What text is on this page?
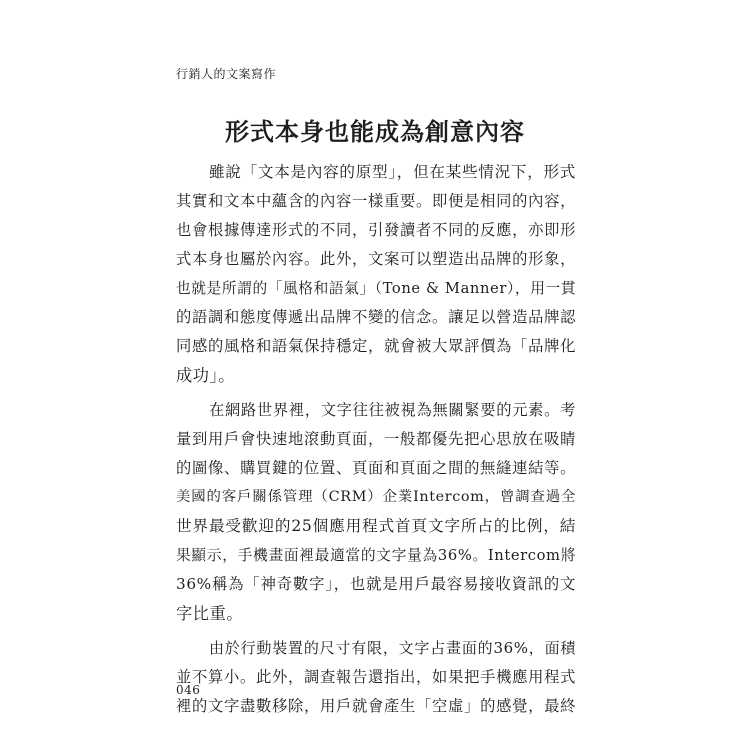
行銷人的文案寫作
形式本身也能成為創意內容
雖說「文本是內容的原型」，但在某些情況下，形式
其實和文本中蘊含的內容一樣重要。即便是相同的內容，
也會根據傳達形式的不同，引發讀者不同的反應，亦即形
式本身也屬於內容。此外，文案可以塑造出品牌的形象，
也就是所謂的「風格和語氣」（Tone & Manner），用一貫
的語調和態度傳遞出品牌不變的信念。讓足以營造品牌認
同感的風格和語氣保持穩定，就會被大眾評價為「品牌化
成功」。
在網路世界裡，文字往往被視為無關緊要的元素。考
量到用戶會快速地滾動頁面，一般都優先把心思放在吸睛
的圖像、購買鍵的位置、頁面和頁面之間的無縫連結等。
美國的客戶關係管理（CRM）企業Intercom，曾調查過全
世界最受歡迎的25個應用程式首頁文字所占的比例，結
果顯示，手機畫面裡最適當的文字量為36%。Intercom將
36%稱為「神奇數字」，也就是用戶最容易接收資訊的文
字比重。
由於行動裝置的尺寸有限，文字占畫面的36%，面積
並不算小。此外，調查報告還指出，如果把手機應用程式
裡的文字盡數移除，用戶就會產生「空虛」的感覺，最終
046
